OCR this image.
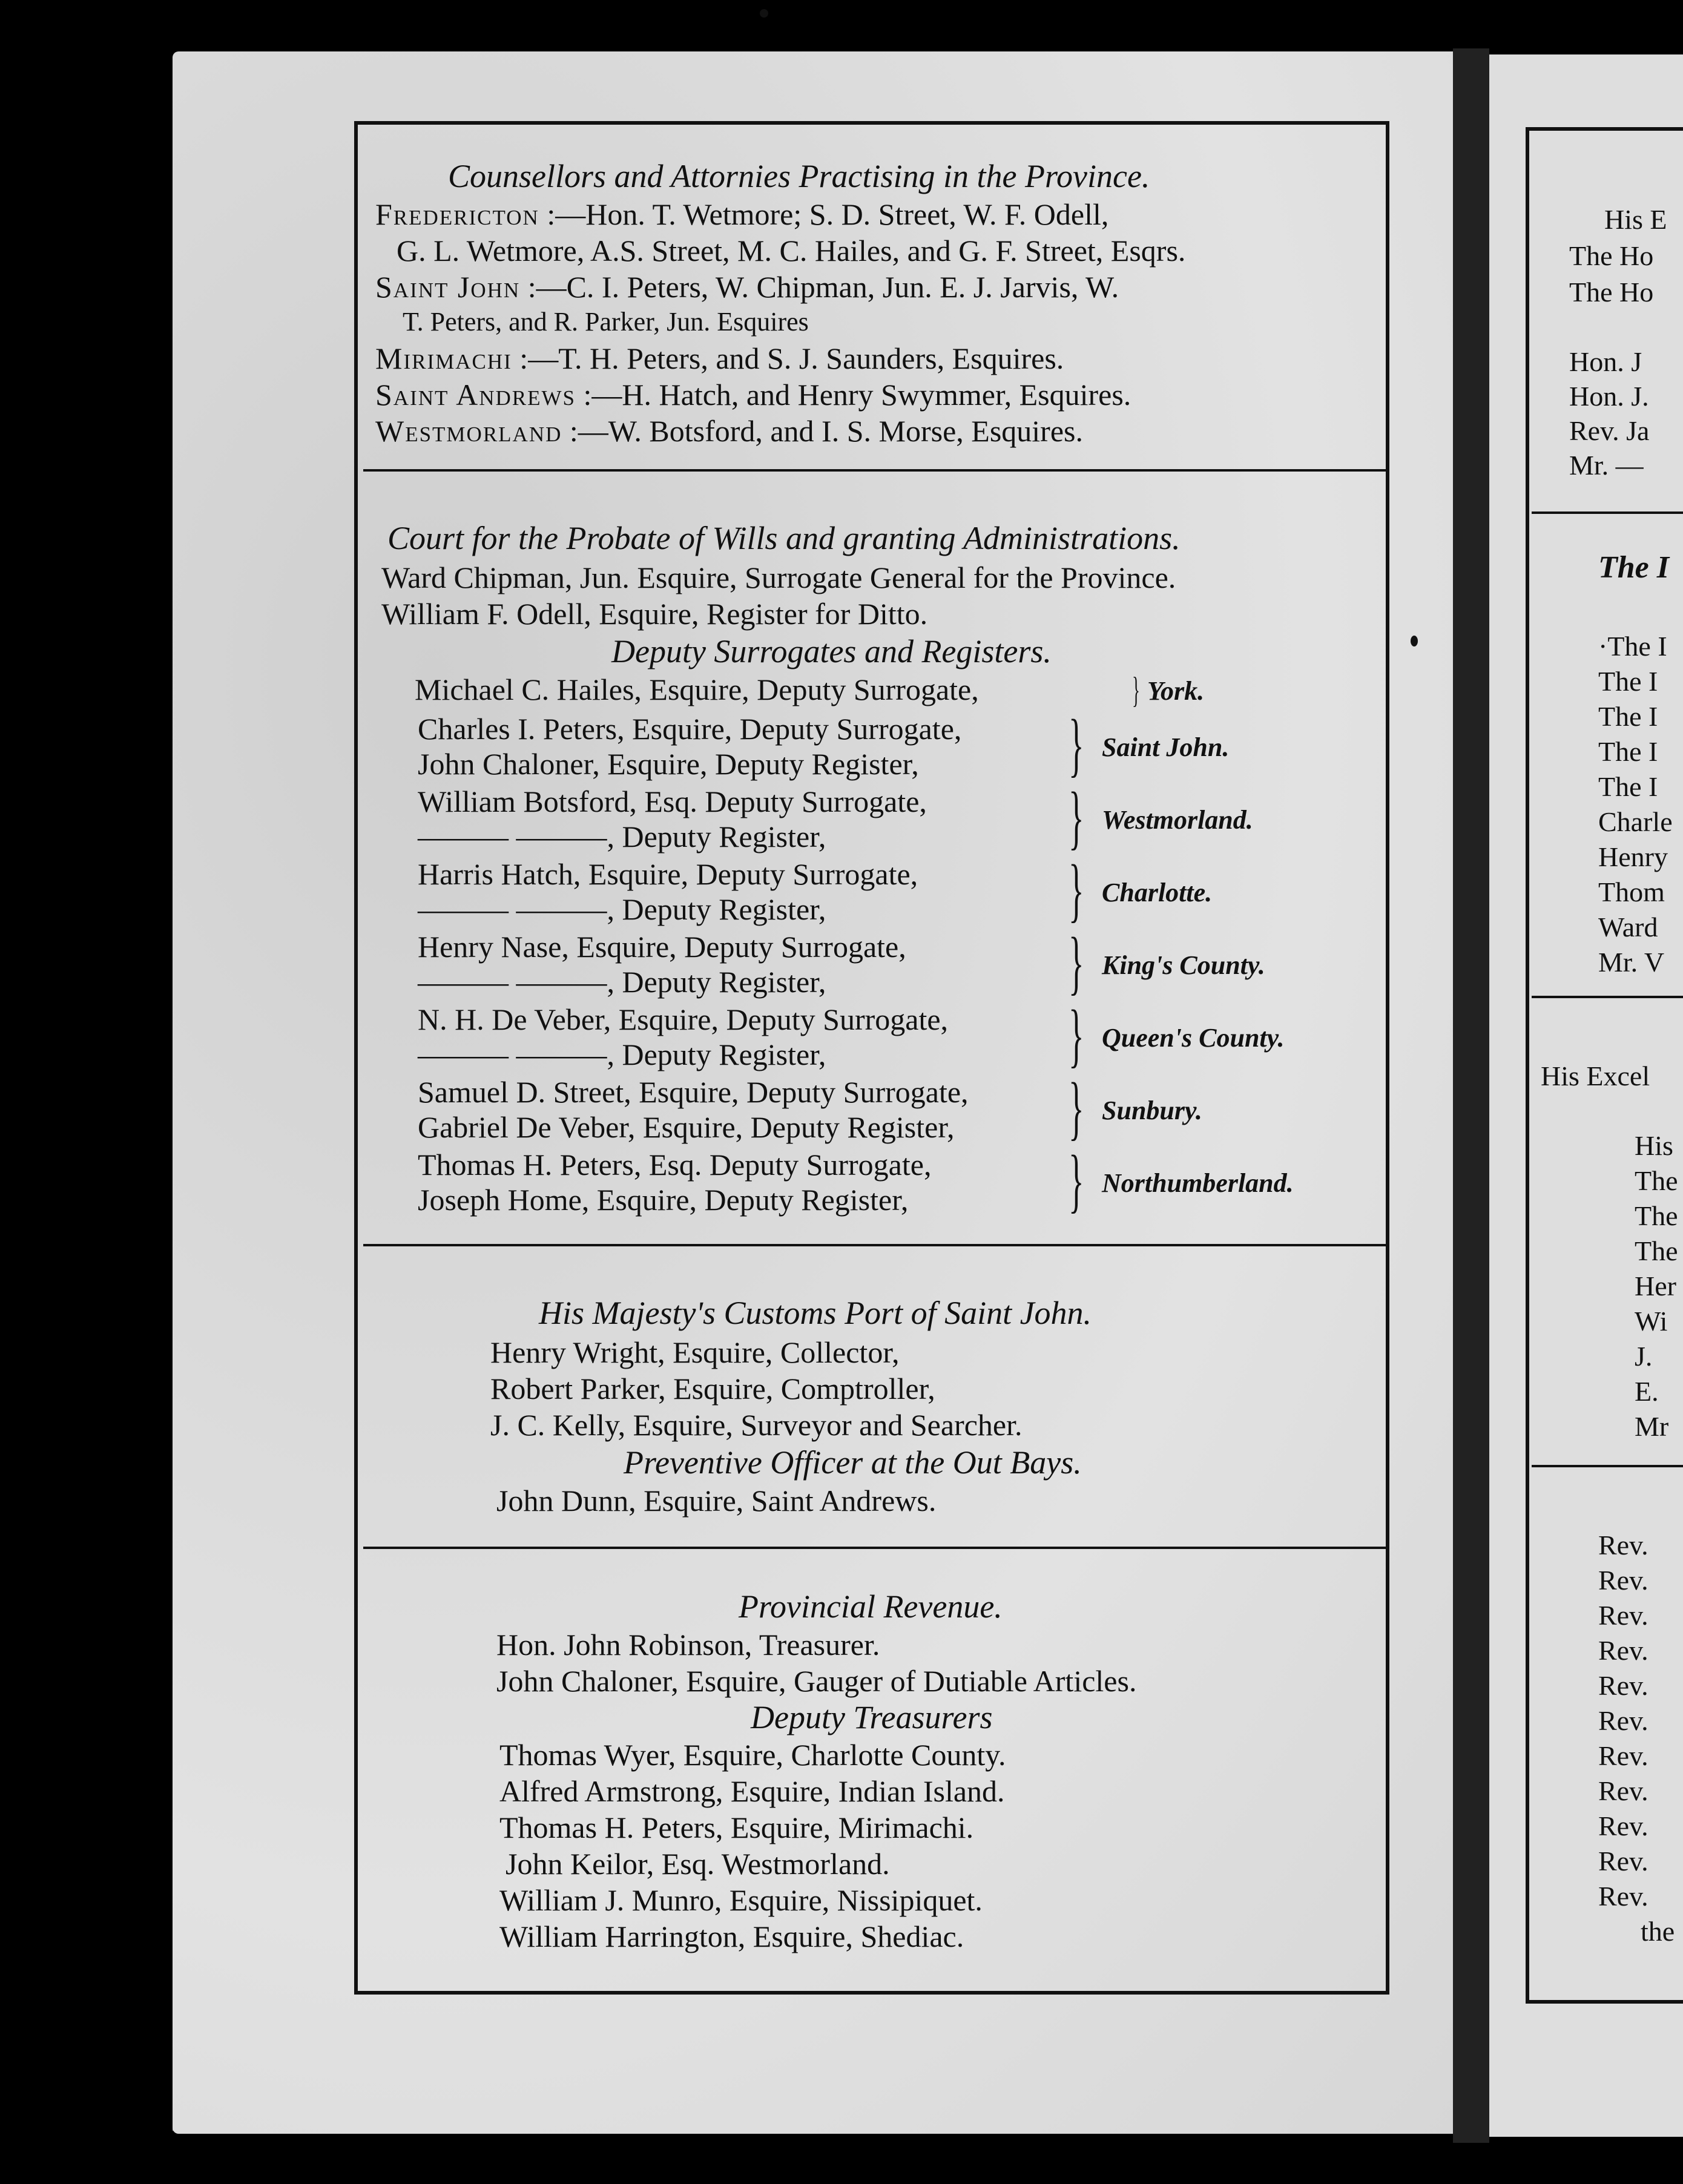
Counsellors and Attornies Practising in the Province.
Fredericton :—Hon. T. Wetmore; S. D. Street, W. F. Odell,
G. L. Wetmore, A.S. Street, M. C. Hailes, and G. F. Street, Esqrs.
Saint John :—C. I. Peters, W. Chipman, Jun. E. J. Jarvis, W.
T. Peters, and R. Parker, Jun. Esquires
Mirimachi :—T. H. Peters, and S. J. Saunders, Esquires.
Saint Andrews :—H. Hatch, and Henry Swymmer, Esquires.
Westmorland :—W. Botsford, and I. S. Morse, Esquires.
Court for the Probate of Wills and granting Administrations.
Ward Chipman, Jun. Esquire, Surrogate General for the Province.
William F. Odell, Esquire, Register for Ditto.
Deputy Surrogates and Registers.
Michael C. Hailes, Esquire, Deputy Surrogate,	} York.
Charles I. Peters, Esquire, Deputy Surrogate,
John Chaloner, Esquire, Deputy Register, } Saint John.
William Botsford, Esq. Deputy Surrogate,
——— ———, Deputy Register,	} Westmorland.
Harris Hatch, Esquire, Deputy Surrogate,
——— ———, Deputy Register,	} Charlotte.
Henry Nase, Esquire, Deputy Surrogate,
——— ———, Deputy Register,	} King's County.
N. H. De Veber, Esquire, Deputy Surrogate,
——— ———, Deputy Register,	} Queen's County.
Samuel D. Street, Esquire, Deputy Surrogate,
Gabriel De Veber, Esquire, Deputy Register, } Sunbury.
Thomas H. Peters, Esq. Deputy Surrogate,
Joseph Home, Esquire, Deputy Register, } Northumberland.
His Majesty's Customs Port of Saint John.
Henry Wright, Esquire, Collector,
Robert Parker, Esquire, Comptroller,
J. C. Kelly, Esquire, Surveyor and Searcher.
Preventive Officer at the Out Bays.
John Dunn, Esquire, Saint Andrews.
Provincial Revenue.
Hon. John Robinson, Treasurer.
John Chaloner, Esquire, Gauger of Dutiable Articles.
Deputy Treasurers
Thomas Wyer, Esquire, Charlotte County.
Alfred Armstrong, Esquire, Indian Island.
Thomas H. Peters, Esquire, Mirimachi.
John Keilor, Esq. Westmorland.
William J. Munro, Esquire, Nissipiquet.
William Harrington, Esquire, Shediac.
His E
The Ho
The Ho
Hon. J
Hon. J.
Rev. Ja
Mr. —
The I
·The I
The I
The I
The I
The I
Charle
Henry
Thom
Ward
Mr. V
His Excel
His
The
The
The
Her
Wi
J.
E.
Mr
Rev.
Rev.
Rev.
Rev.
Rev.
Rev.
Rev.
Rev.
Rev.
Rev.
Rev.
the
